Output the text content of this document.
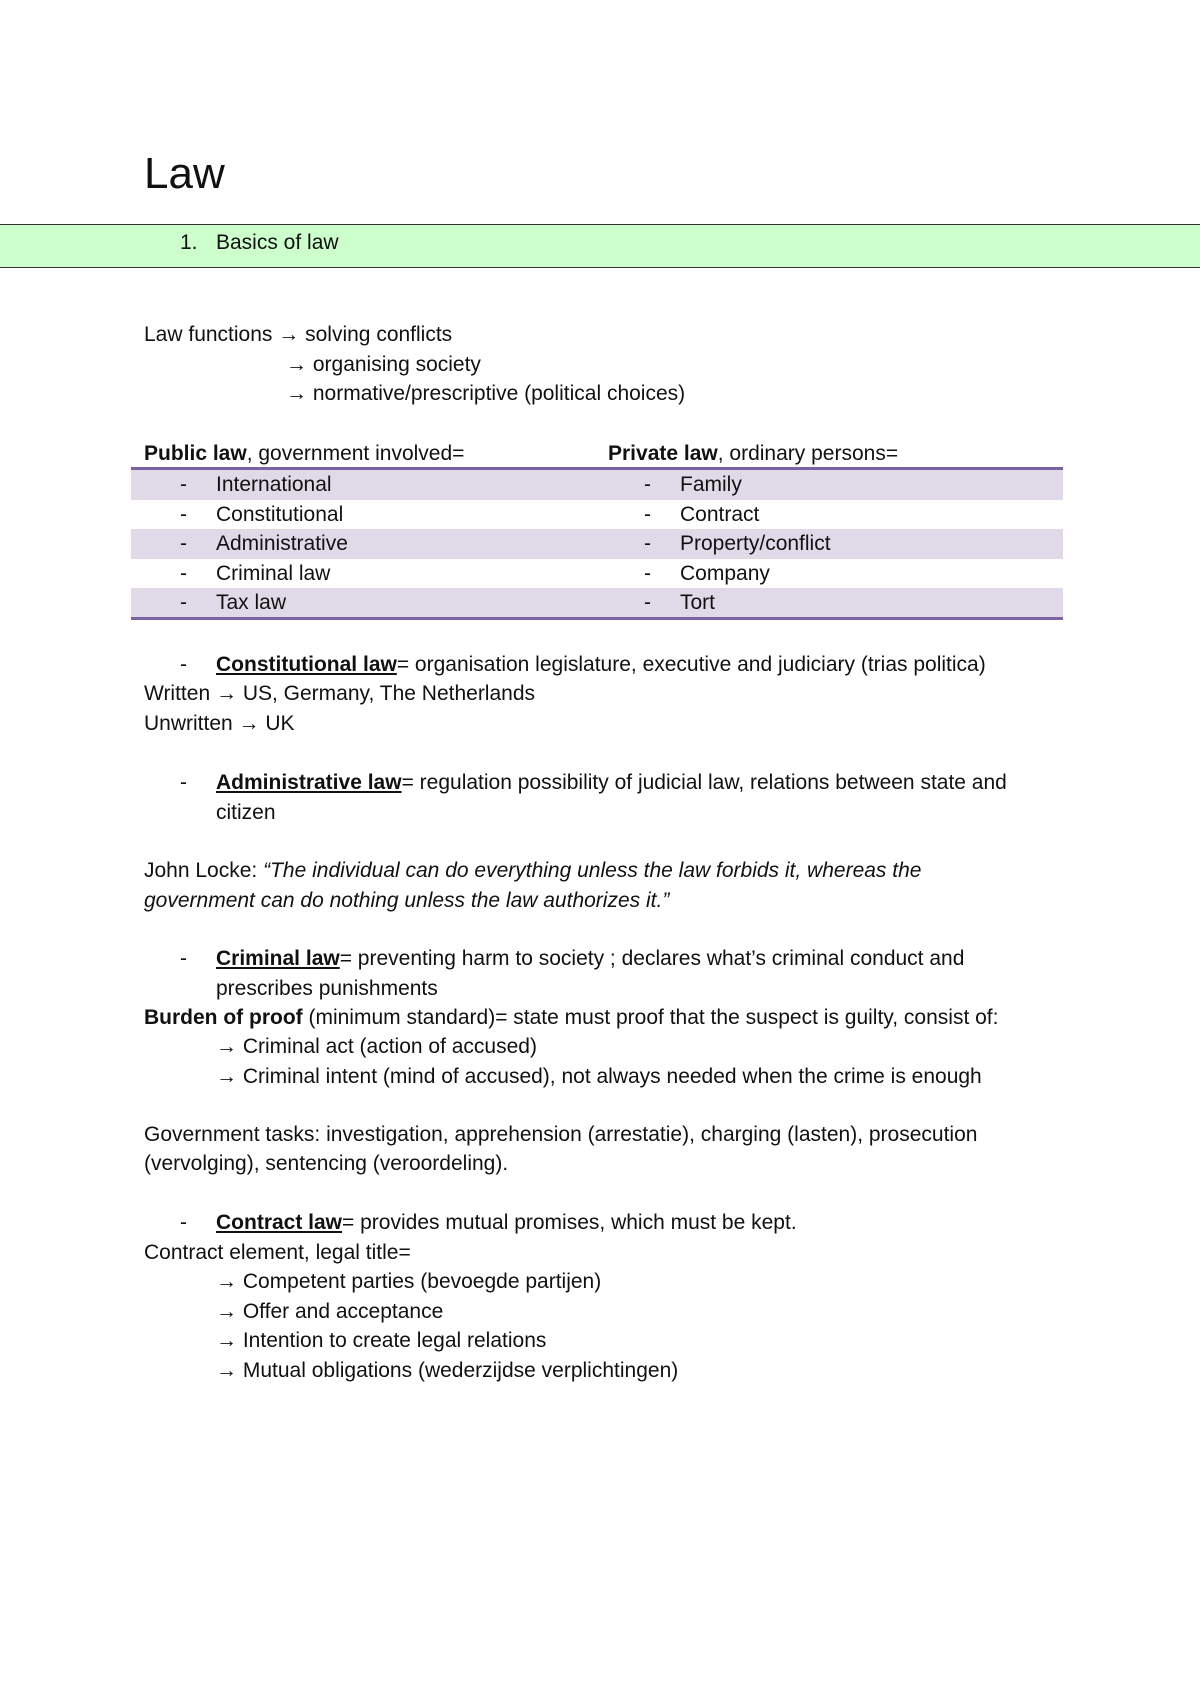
Law
1. Basics of law
Law functions → solving conflicts
→ organising society
→ normative/prescriptive (political choices)
Public law, government involved=	Private law, ordinary persons=
- International	- Family
- Constitutional	- Contract
- Administrative	- Property/conflict
- Criminal law	- Company
- Tax law	- Tort
- Constitutional law= organisation legislature, executive and judiciary (trias politica)
Written → US, Germany, The Netherlands
Unwritten → UK
- Administrative law= regulation possibility of judicial law, relations between state and
citizen
John Locke: “The individual can do everything unless the law forbids it, whereas the
government can do nothing unless the law authorizes it.”
- Criminal law= preventing harm to society ; declares what’s criminal conduct and
prescribes punishments
Burden of proof (minimum standard)= state must proof that the suspect is guilty, consist of:
→ Criminal act (action of accused)
→ Criminal intent (mind of accused), not always needed when the crime is enough
Government tasks: investigation, apprehension (arrestatie), charging (lasten), prosecution
(vervolging), sentencing (veroordeling).
- Contract law= provides mutual promises, which must be kept.
Contract element, legal title=
→ Competent parties (bevoegde partijen)
→ Offer and acceptance
→ Intention to create legal relations
→ Mutual obligations (wederzijdse verplichtingen)
